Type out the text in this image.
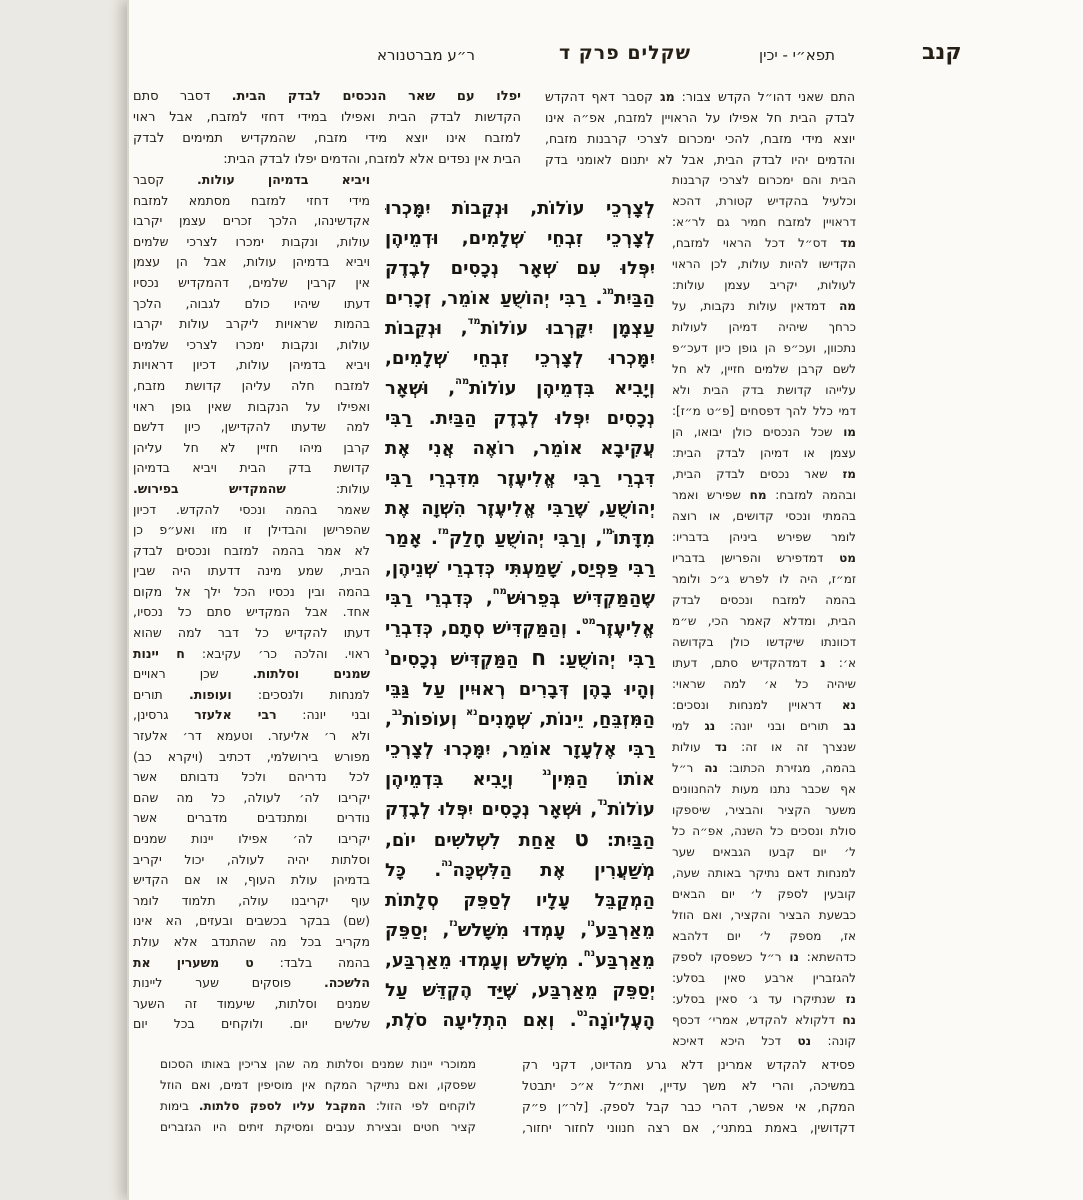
קנב
תפא״י - יכין
שקלים פרק ד
ר״ע מברטנורא
יפלו עם שאר הנכסים לבדק הבית. דסבר סתם
הקדשות לבדק הבית ואפילו במידי דחזי למזבח, אבל ראוי
למזבח אינו יוצא מידי מזבח, שהמקדיש תמימים לבדק
הבית אין נפדים אלא למזבח, והדמים יפלו לבדק הבית:
התם שאני דהו״ל הקדש צבור: מג קסבר דאף דהקדש
לבדק הבית חל אפילו על הראויין למזבח, אפ״ה אינו
יוצא מידי מזבח, להכי ימכרום לצרכי קרבנות מזבח,
והדמים יהיו לבדק הבית, אבל לא יתנום לאומני בדק
ויביא בדמיהן עולות. קסבר
מידי דחזי למזבח מסתמא למזבח
אקדשינהו, הלכך זכרים עצמן יקרבו
עולות, ונקבות ימכרו לצרכי שלמים
ויביא בדמיהן עולות, אבל הן עצמן
אין קרבין שלמים, דהמקדיש נכסיו
דעתו שיהיו כולם לגבוה, הלכך
בהמות שראויות ליקרב עולות יקרבו
עולות, ונקבות ימכרו לצרכי שלמים
ויביא בדמיהן עולות, דכיון דראויות
למזבח חלה עליהן קדושת מזבח,
ואפילו על הנקבות שאין גופן ראוי
למה שדעתו להקדישן, כיון דלשם
קרבן מיהו חזיין לא חל עליהן
קדושת בדק הבית ויביא בדמיהן
עולות: שהמקדיש בפירוש.
שאמר בהמה ונכסי להקדש. דכיון
שהפרישן והבדילן זו מזו ואע״פ כן
לא אמר בהמה למזבח ונכסים לבדק
הבית, שמע מינה דדעתו היה שבין
בהמה ובין נכסיו הכל ילך אל מקום
אחד. אבל המקדיש סתם כל נכסיו,
דעתו להקדיש כל דבר למה שהוא
ראוי. והלכה כר׳ עקיבא: ח יינות
שמנים וסלתות. שכן ראויים
למנחות ולנסכים: ועופות. תורים
ובני יונה: רבי אלעזר גרסינן,
ולא ר׳ אליעזר. וטעמא דר׳ אלעזר
מפורש בירושלמי, דכתיב (ויקרא כב)
לכל נדריהם ולכל נדבותם אשר
יקריבו לה׳ לעולה, כל מה שהם
נודרים ומתנדבים מדברים אשר
יקריבו לה׳ אפילו יינות שמנים
וסלתות יהיה לעולה, יכול יקריב
בדמיהן עולת העוף, או אם הקדיש
עוף יקריבנו עולה, תלמוד לומר
(שם) בבקר בכשבים ובעזים, הא אינו
מקריב בכל מה שהתנדב אלא עולת
בהמה בלבד: ט משערין את
הלשכה. פוסקים שער ליינות
שמנים וסלתות, שיעמוד זה השער
שלשים יום. ולוקחים בכל יום
לְצָרְכֵי עוֹלוֹת, וּנְקֵבוֹת יִמָּכְרוּ
לְצָרְכֵי זִבְחֵי שְׁלָמִים, וּדְמֵיהֶן
יִפְּלוּ עִם שְׁאָר נְכָסִים לְבֶדֶק
הַבַּיִת$^{מג}$. רַבִּי יְהוֹשֻׁעַ אוֹמֵר, זְכָרִים
עַצְמָן יִקָּרְבוּ עוֹלוֹת$^{מד}$, וּנְקֵבוֹת
יִמָּכְרוּ לְצָרְכֵי זִבְחֵי שְׁלָמִים,
וְיָבִיא בִּדְמֵיהֶן עוֹלוֹת$^{מה}$, וּשְׁאָר
נְכָסִים יִפְּלוּ לְבֶדֶק הַבַּיִת. רַבִּי
עֲקִיבָא אוֹמֵר, רוֹאֶה אֲנִי אֶת
דִּבְרֵי רַבִּי אֱלִיעֶזֶר מִדִּבְרֵי רַבִּי
יְהוֹשֻׁעַ, שֶׁרַבִּי אֱלִיעֶזֶר הִשְׁוָה אֶת
מִדָּתוֹ$^{מו}$, וְרַבִּי יְהוֹשֻׁעַ חָלַק$^{מז}$. אָמַר
רַבִּי פַּפְיַס, שָׁמַעְתִּי כְּדִבְרֵי שְׁנֵיהֶן,
שֶׁהַמַּקְדִּישׁ בְּפֵרוּשׁ$^{מח}$, כְּדִבְרֵי רַבִּי
אֱלִיעֶזֶר$^{מט}$. וְהַמַּקְדִּישׁ סְתָם, כְּדִבְרֵי
רַבִּי יְהוֹשֻׁעַ: ח הַמַּקְדִּישׁ נְכָסִים$^נ$
וְהָיוּ בָהֶן דְּבָרִים רְאוּיִין עַל גַּבֵּי
הַמִּזְבֵּחַ, יֵינוֹת, שְׁמָנִים$^{נא}$ וְעוֹפוֹת$^{נב}$,
רַבִּי אֶלְעָזָר אוֹמֵר, יִמָּכְרוּ לְצָרְכֵי
אוֹתוֹ הַמִּין$^{נג}$ וְיָבִיא בִּדְמֵיהֶן
עוֹלוֹת$^{נד}$, וּשְׁאָר נְכָסִים יִפְּלוּ לְבֶדֶק
הַבַּיִת: ט אַחַת לִשְׁלשִׁים יוֹם,
מְשַׁעֲרִין אֶת הַלִּשְׁכָּה$^{נה}$. כָּל
הַמְקַבֵּל עָלָיו לְסַפֵּק סְלָתוֹת
מֵאַרְבַּע$^{נו}$, עָמְדוּ מִשָּׁלשׁ$^{נז}$, יְסַפֵּק
מֵאַרְבַּע$^{נח}$. מִשָּׁלשׁ וְעָמְדוּ מֵאַרְבַּע,
יְסַפֵּק מֵאַרְבַּע, שֶׁיַּד הֶקְדֵּשׁ עַל
הָעֶלְיוֹנָה$^{נט}$. וְאִם הִתְלִיעָה סֹלֶת,
הבית והם ימכרום לצרכי קרבנות
וכלעיל בהקדיש קטורת, דהכא
דראויין למזבח חמיר גם לר״א:
מד דס״ל דכל הראוי למזבח,
הקדישו להיות עולות, לכן הראוי
לעולות, יקריב עצמן עולות:
מה דמדאין עולות נקבות, על
כרחך שיהיה דמיהן לעולות
נתכוון, ועכ״פ הן גופן כיון דעכ״פ
לשם קרבן שלמים חזיין, לא חל
עלייהו קדושת בדק הבית ולא
דמי כלל להך דפסחים [פ״ט מ״ז]:
מו שכל הנכסים כולן יבואו, הן
עצמן או דמיהן לבדק הבית:
מז שאר נכסים לבדק הבית,
ובהמה למזבח: מח שפירש ואמר
בהמתי ונכסי קדושים, או רוצה
לומר שפירש ביניהן בדבריו:
מט דמדפירש והפרישן בדבריו
זמ״ז, היה לו לפרש ג״כ ולומר
בהמה למזבח ונכסים לבדק
הבית, ומדלא קאמר הכי, ש״מ
דכוונתו שיקדשו כולן בקדושה
א׳: נ דמדהקדיש סתם, דעתו
שיהיה כל א׳ למה שראוי:
נא דראויין למנחות ונסכים:
נב תורים ובני יונה: נג למי
שנצרך זה או זה: נד עולות
בהמה, מגזירת הכתוב: נה ר״ל
אף שכבר נתנו מעות להחנוונים
משער הקציר והבציר, שיספקו
סולת ונסכים כל השנה, אפ״ה כל
ל׳ יום קבעו הגבאים שער
למנחות דאם נתיקר באותה שעה,
קובעין לספק ל׳ יום הבאים
כבשעת הבציר והקציר, ואם הוזל
אז, מספק ל׳ יום דלהבא
כדהשתא: נו ר״ל כשפסקו לספק
להגזברין ארבע סאין בסלע:
נז שנתיקרו עד ג׳ סאין בסלע:
נח דלקולא להקדש, אמרי׳ דכסף
קונה: נט דכל היכא דאיכא
ממוכרי יינות שמנים וסלתות מה שהן צריכין באותו הסכום
שפסקו, ואם נתייקר המקח אין מוסיפין דמים, ואם הוזל
לוקחים לפי הזול: המקבל עליו לספק סלתות. בימות
קציר חטים ובצירת ענבים ומסיקת זיתים היו הגזברים
פסידא להקדש אמרינן דלא גרע מהדיוט, דקני רק
במשיכה, והרי לא משך עדיין, ואת״ל א״כ יתבטל
המקח, אי אפשר, דהרי כבר קבל לספק. [לר״ן פ״ק
דקדושין, באמת במתני׳, אם רצה חנווני לחזור יחזור,
